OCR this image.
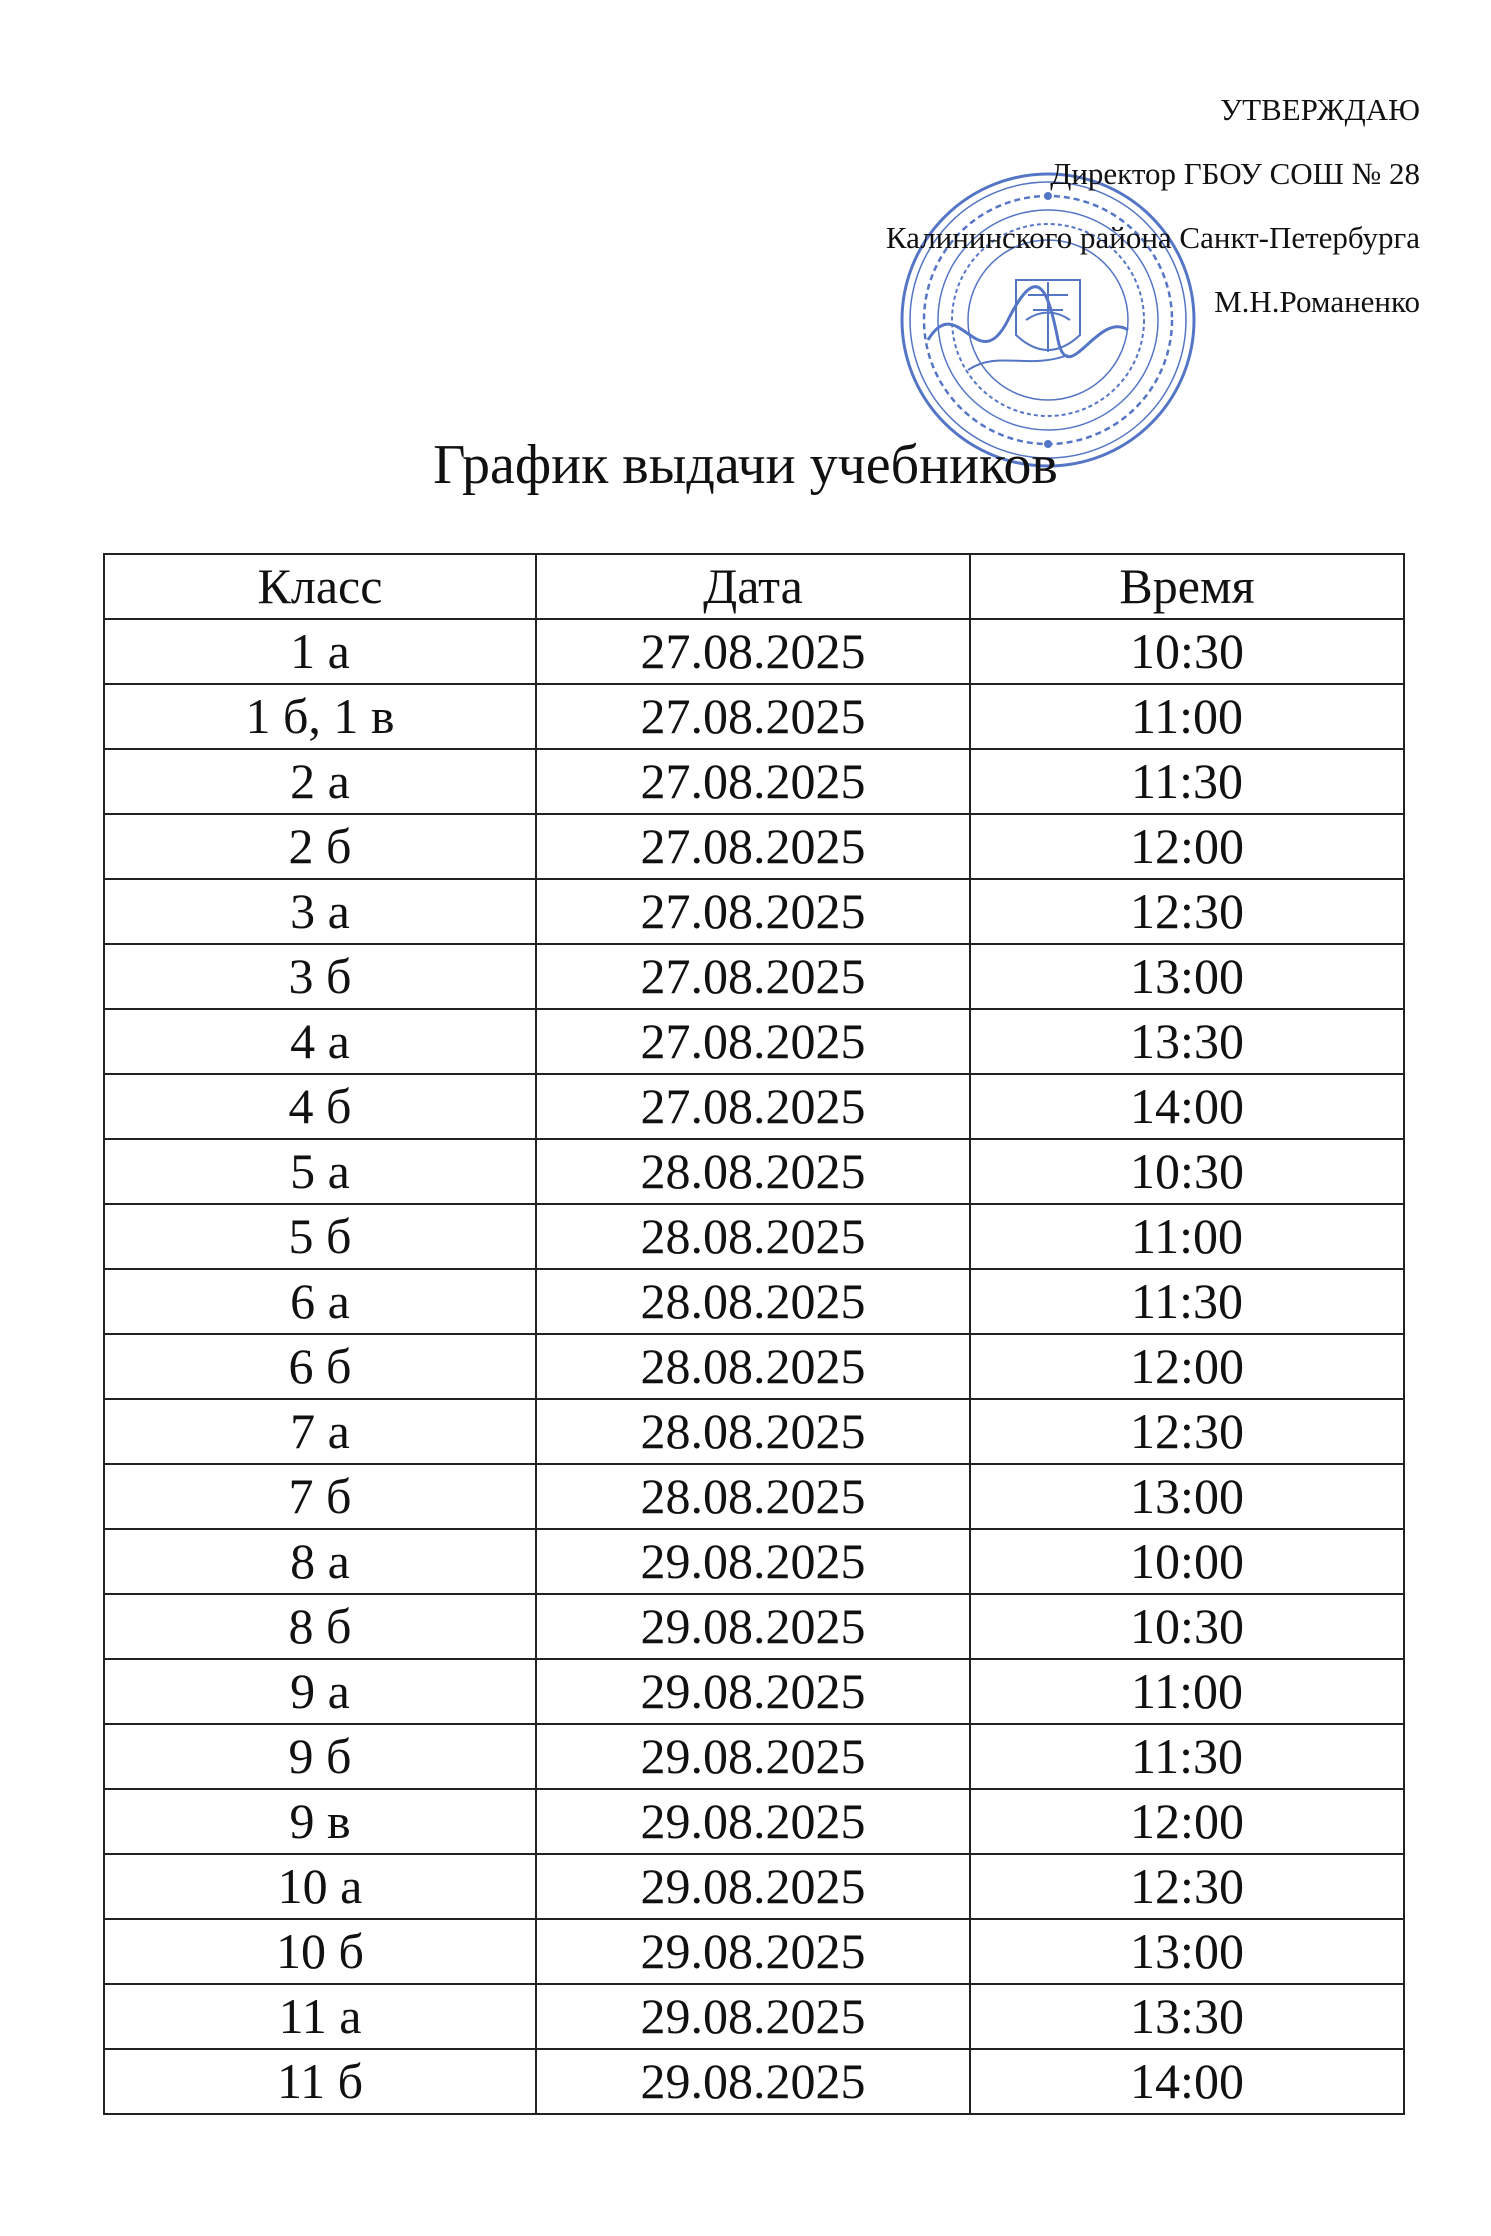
УТВЕРЖДАЮ
Директор ГБОУ СОШ № 28
Калининского района Санкт-Петербурга
М.Н.Романенко
График выдачи учебников
Класс	Дата	Время
1 а	27.08.2025	10:30
1 б, 1 в	27.08.2025	11:00
2 а	27.08.2025	11:30
2 б	27.08.2025	12:00
3 а	27.08.2025	12:30
3 б	27.08.2025	13:00
4 а	27.08.2025	13:30
4 б	27.08.2025	14:00
5 а	28.08.2025	10:30
5 б	28.08.2025	11:00
6 а	28.08.2025	11:30
6 б	28.08.2025	12:00
7 а	28.08.2025	12:30
7 б	28.08.2025	13:00
8 а	29.08.2025	10:00
8 б	29.08.2025	10:30
9 а	29.08.2025	11:00
9 б	29.08.2025	11:30
9 в	29.08.2025	12:00
10 а	29.08.2025	12:30
10 б	29.08.2025	13:00
11 а	29.08.2025	13:30
11 б	29.08.2025	14:00
